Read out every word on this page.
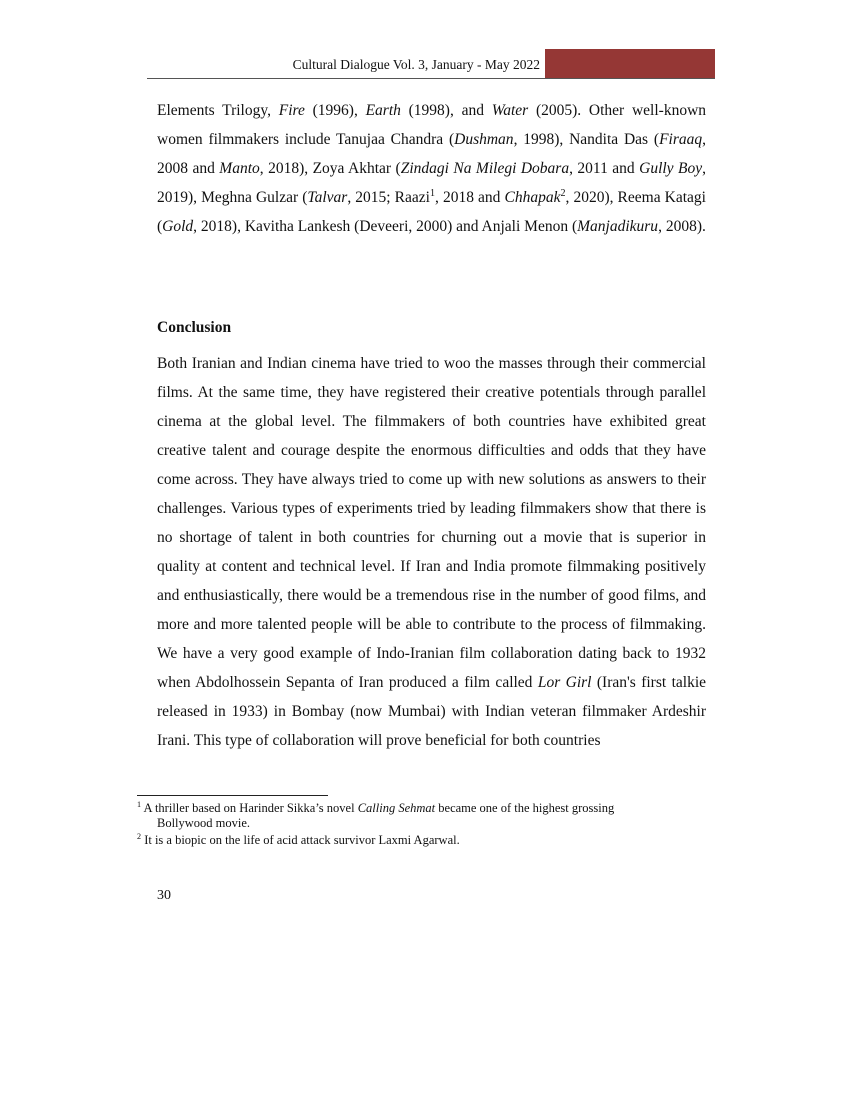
Cultural Dialogue Vol. 3, January - May 2022

Elements Trilogy, Fire (1996), Earth (1998), and Water (2005). Other well-known women filmmakers include Tanujaa Chandra (Dushman, 1998), Nandita Das (Firaaq, 2008 and Manto, 2018), Zoya Akhtar (Zindagi Na Milegi Dobara, 2011 and Gully Boy, 2019), Meghna Gulzar (Talvar, 2015; Raazi$^1$, 2018 and Chhapak$^2$, 2020), Reema Katagi (Gold, 2018), Kavitha Lankesh (Deveeri, 2000) and Anjali Menon (Manjadikuru, 2008).

Conclusion

Both Iranian and Indian cinema have tried to woo the masses through their commercial films. At the same time, they have registered their creative potentials through parallel cinema at the global level. The filmmakers of both countries have exhibited great creative talent and courage despite the enormous difficulties and odds that they have come across. They have always tried to come up with new solutions as answers to their challenges. Various types of experiments tried by leading filmmakers show that there is no shortage of talent in both countries for churning out a movie that is superior in quality at content and technical level. If Iran and India promote filmmaking positively and enthusiastically, there would be a tremendous rise in the number of good films, and more and more talented people will be able to contribute to the process of filmmaking. We have a very good example of Indo-Iranian film collaboration dating back to 1932 when Abdolhossein Sepanta of Iran produced a film called Lor Girl (Iran's first talkie released in 1933) in Bombay (now Mumbai) with Indian veteran filmmaker Ardeshir Irani. This type of collaboration will prove beneficial for both countries

$^1$ A thriller based on Harinder Sikka’s novel Calling Sehmat became one of the highest grossing
Bollywood movie.

$^2$ It is a biopic on the life of acid attack survivor Laxmi Agarwal.

30
